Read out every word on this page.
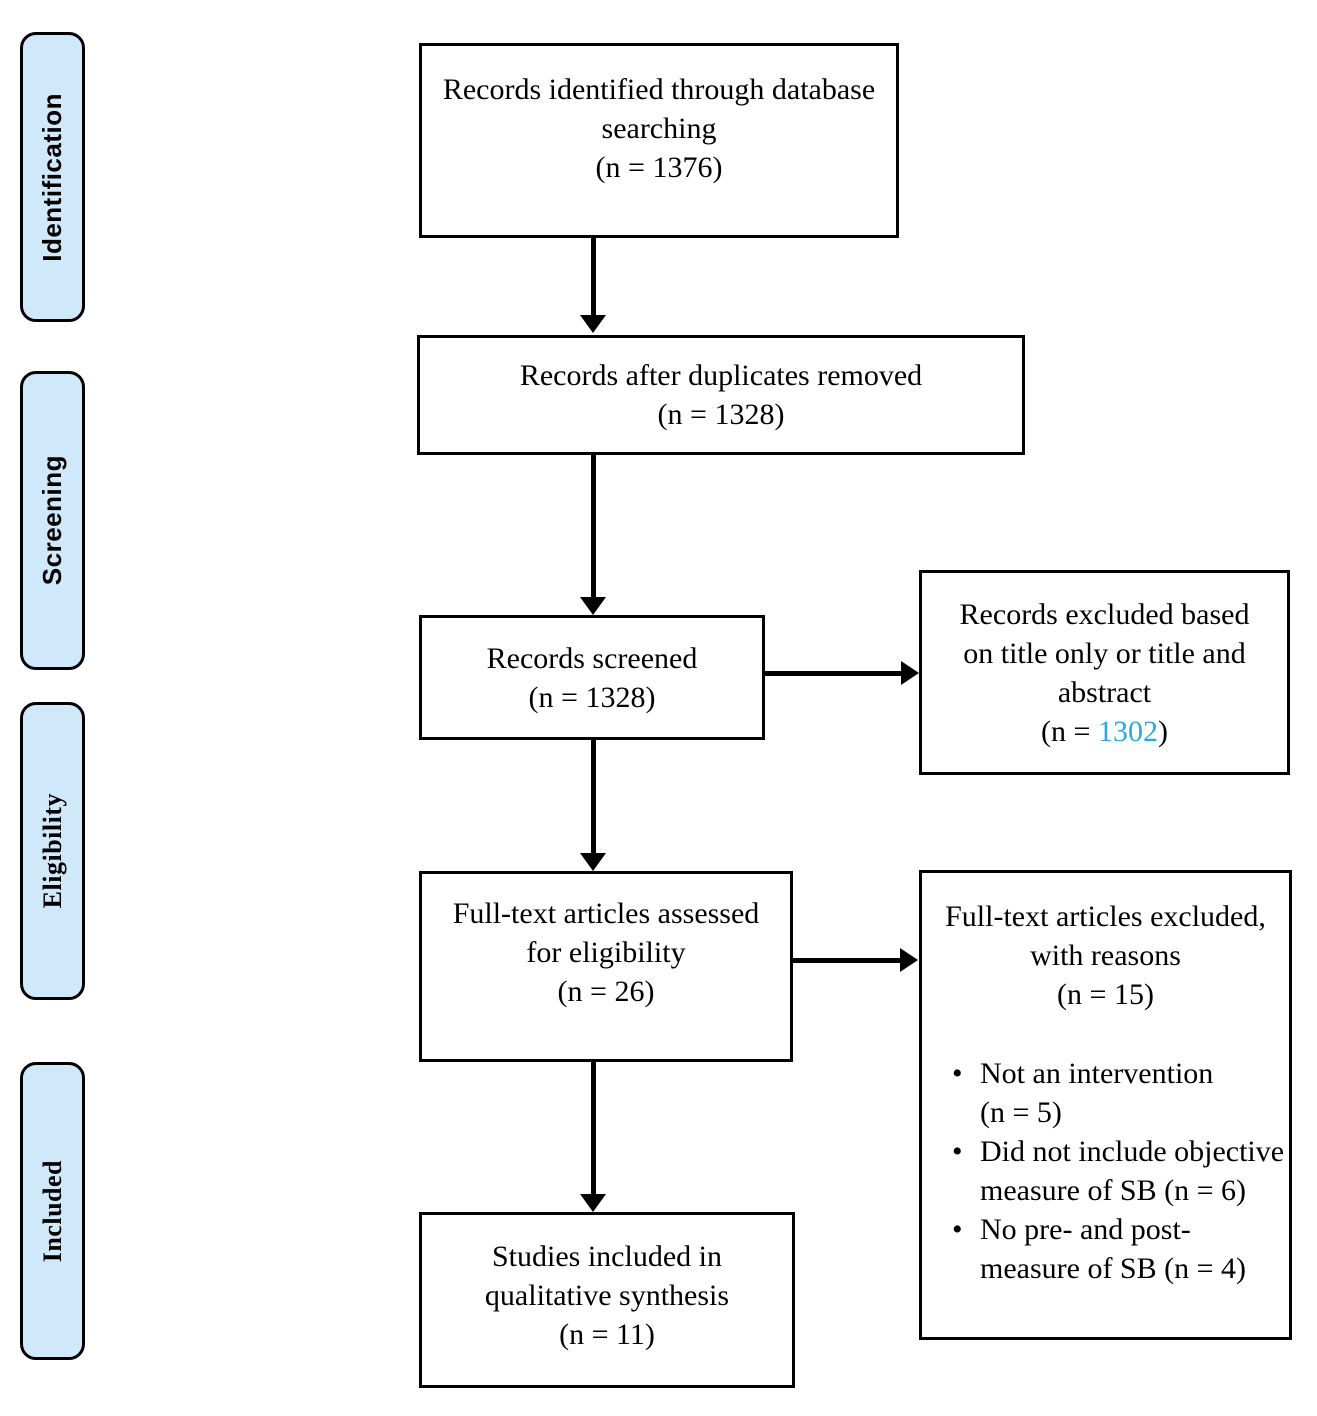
Identification
Screening
Eligibility
Included
Records identified through database
searching
(n = 1376)
Records after duplicates removed
(n = 1328)
Records screened
(n = 1328)
Full-text articles assessed
for eligibility
(n = 26)
Studies included in
qualitative synthesis
(n = 11)
Records excluded based
on title only or title and
abstract
(n = 1302)
Full-text articles excluded,
with reasons
(n = 15)
• Not an intervention
(n = 5)
• Did not include objective
measure of SB (n = 6)
• No pre- and post-
measure of SB (n = 4)
